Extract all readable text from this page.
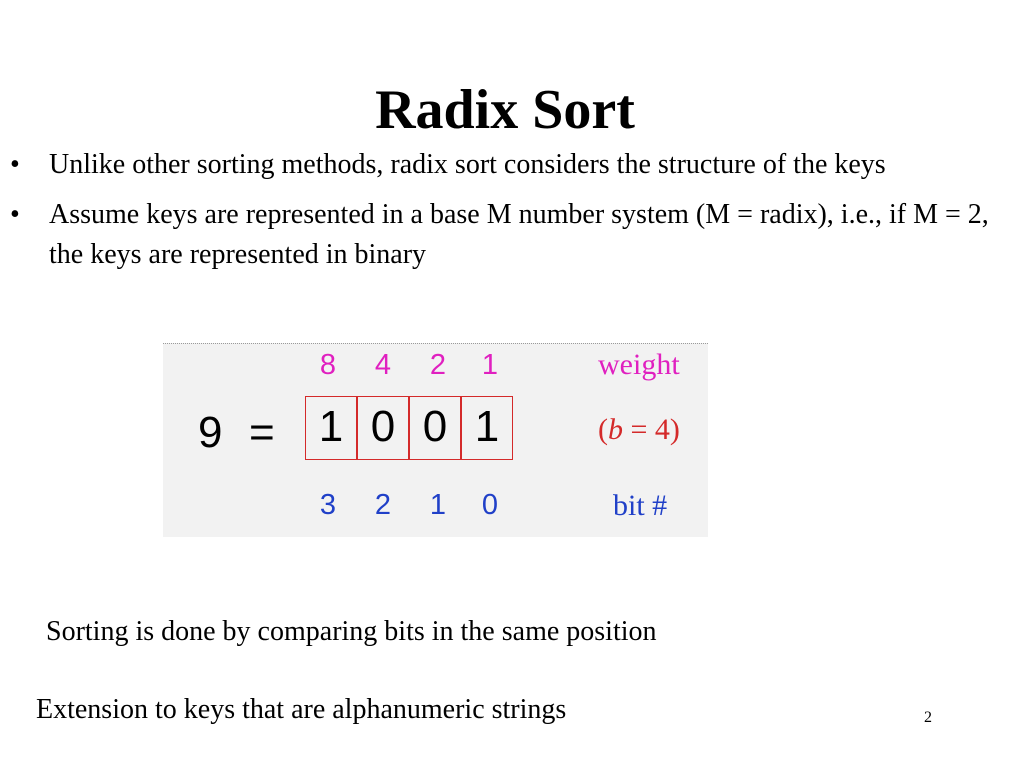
Radix Sort
• Unlike other sorting methods, radix sort considers the structure of the keys
• Assume keys are represented in a base M number system (M = radix), i.e., if M = 2, the keys are represented in binary
8 4 2 1	weight
9 =	1 0 0 1	(b = 4)
3 2 1 0	bit #
Sorting is done by comparing bits in the same position
Extension to keys that are alphanumeric strings	2
